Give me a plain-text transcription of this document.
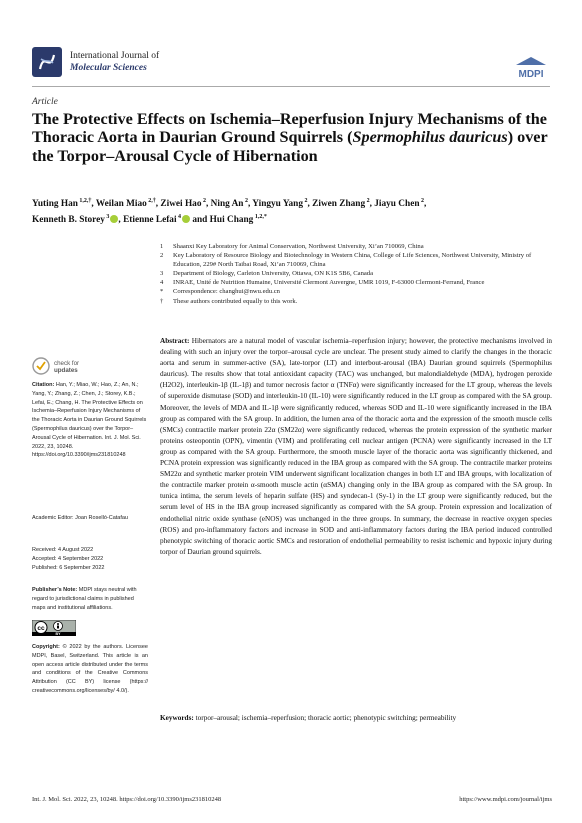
International Journal of
Molecular Sciences
MDPI
Article
The Protective Effects on Ischemia–Reperfusion Injury Mechanisms of the Thoracic Aorta in Daurian Ground Squirrels (Spermophilus dauricus) over the Torpor–Arousal Cycle of Hibernation
Yuting Han $^{1,2,\dagger}$, Weilan Miao $^{2,\dagger}$, Ziwei Hao $^2$, Ning An $^2$, Yingyu Yang $^2$, Ziwen Zhang $^2$, Jiayu Chen $^2$,
Kenneth B. Storey $^3$ , Etienne Lefai $^4$ and Hui Chang $^{1,2,*}$
1	Shaanxi Key Laboratory for Animal Conservation, Northwest University, Xi’an 710069, China
2	Key Laboratory of Resource Biology and Biotechnology in Western China, College of Life Sciences, Northwest University, Ministry of Education, 229# North Taibai Road, Xi’an 710069, China
3	Department of Biology, Carleton University, Ottawa, ON K1S 5B6, Canada
4	INRAE, Unité de Nutrition Humaine, Université Clermont Auvergne, UMR 1019, F-63000 Clermont-Ferrand, France
*	Correspondence: changhui@nwu.edu.cn
†	These authors contributed equally to this work.
Abstract: Hibernators are a natural model of vascular ischemia–reperfusion injury; however, the protective mechanisms involved in dealing with such an injury over the torpor–arousal cycle are unclear. The present study aimed to clarify the changes in the thoracic aorta and serum in summer-active (SA), late-torpor (LT) and interbout-arousal (IBA) Daurian ground squirrels (Spermophilus dauricus). The results show that total antioxidant capacity (TAC) was unchanged, but malondialdehyde (MDA), hydrogen peroxide (H2O2), interleukin-1β (IL-1β) and tumor necrosis factor α (TNFα) were significantly increased for the LT group, whereas the levels of superoxide dismutase (SOD) and interleukin-10 (IL-10) were significantly reduced in the LT group as compared with the SA group. Moreover, the levels of MDA and IL-1β were significantly reduced, whereas SOD and IL-10 were significantly increased in the IBA group as compared with the SA group. In addition, the lumen area of the thoracic aorta and the expression of the smooth muscle cells (SMCs) contractile marker protein 22α (SM22α) were significantly reduced, whereas the protein expression of the synthetic marker proteins osteopontin (OPN), vimentin (VIM) and proliferating cell nuclear antigen (PCNA) were significantly increased in the LT group as compared with the SA group. Furthermore, the smooth muscle layer of the thoracic aorta was significantly thickened, and PCNA protein expression was significantly reduced in the IBA group as compared with the SA group. The contractile marker proteins SM22α and synthetic marker protein VIM underwent significant localization changes in both LT and IBA groups, with localization of the contractile marker protein α-smooth muscle actin (αSMA) changing only in the IBA group as compared with the SA group. In tunica intima, the serum levels of heparin sulfate (HS) and syndecan-1 (Sy-1) in the LT group were significantly reduced, but the serum level of HS in the IBA group increased significantly as compared with the SA group. Protein expression and localization of endothelial nitric oxide synthase (eNOS) was unchanged in the three groups. In summary, the decrease in reactive oxygen species (ROS) and pro-inflammatory factors and increase in SOD and anti-inflammatory factors during the IBA period induced controlled phenotypic switching of thoracic aortic SMCs and restoration of endothelial permeability to resist ischemic and hypoxic injury during torpor of Daurian ground squirrels.
Keywords: torpor–arousal; ischemia–reperfusion; thoracic aortic; phenotypic switching; permeability
check for
updates
Citation: Han, Y.; Miao, W.; Hao, Z.; An, N.; Yang, Y.; Zhang, Z.; Chen, J.; Storey, K.B.; Lefai, E.; Chang, H. The Protective Effects on Ischemia–Reperfusion Injury Mechanisms of the Thoracic Aorta in Daurian Ground Squirrels (Spermophilus dauricus) over the Torpor–Arousal Cycle of Hibernation. Int. J. Mol. Sci. 2022, 23, 10248. https://doi.org/10.3390/ijms231810248
Academic Editor: Joan Roselló-Catafau
Received: 4 August 2022
Accepted: 4 September 2022
Published: 6 September 2022
Publisher’s Note: MDPI stays neutral with regard to jurisdictional claims in published maps and institutional affiliations.
cc
BY
Copyright: © 2022 by the authors. Licensee MDPI, Basel, Switzerland. This article is an open access article distributed under the terms and conditions of the Creative Commons Attribution (CC BY) license (https:// creativecommons.org/licenses/by/ 4.0/).
Int. J. Mol. Sci. 2022, 23, 10248. https://doi.org/10.3390/ijms231810248	https://www.mdpi.com/journal/ijms
